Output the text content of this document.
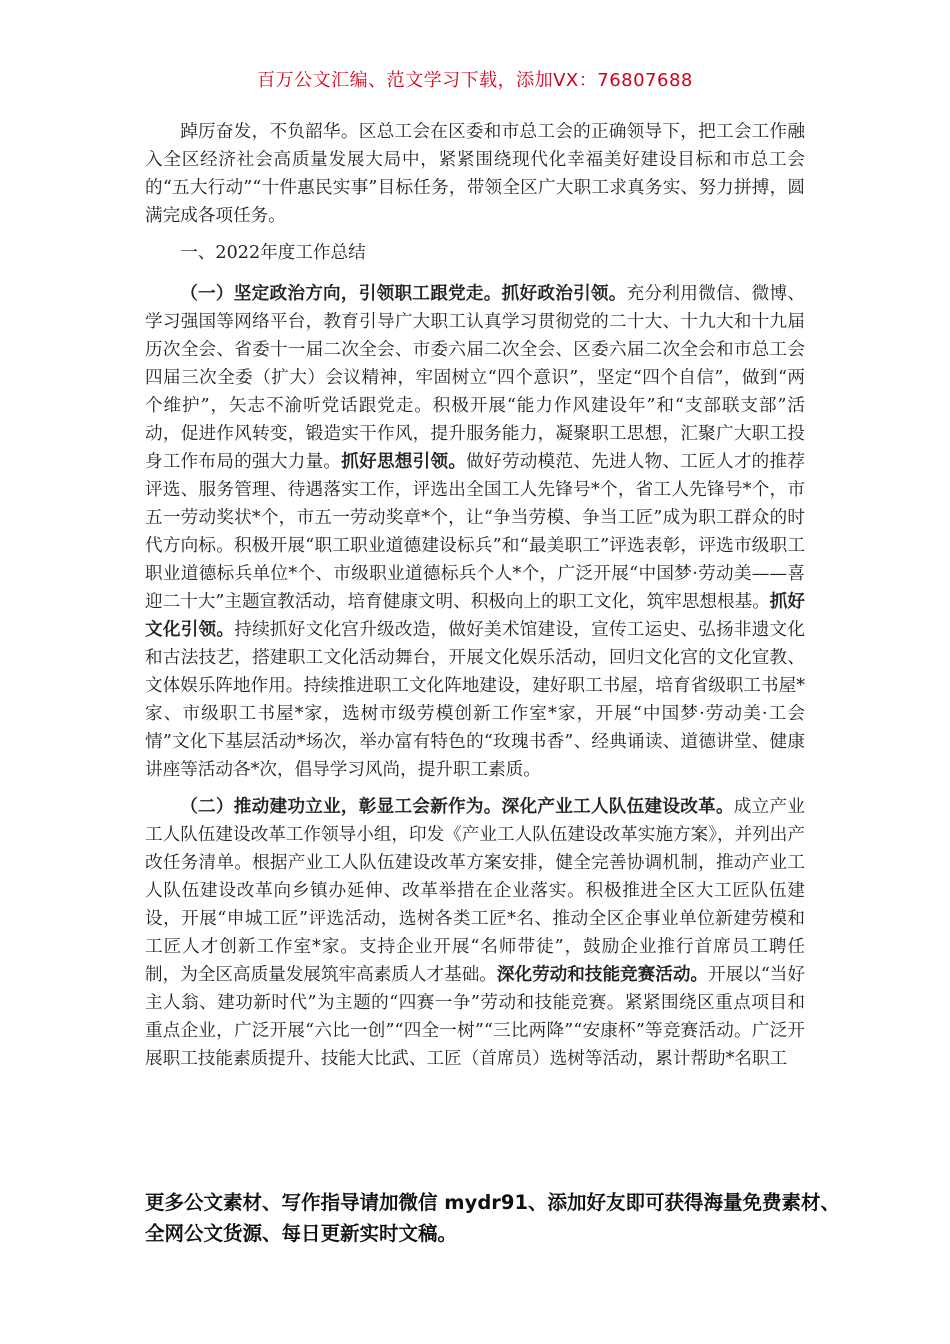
百万公文汇编、范文学习下载，添加VX：76807688

踔厉奋发，不负韶华。区总工会在区委和市总工会的正确领导下，把工会工作融入全区经济社会高质量发展大局中，紧紧围绕现代化幸福美好建设目标和市总工会的“五大行动”“十件惠民实事”目标任务，带领全区广大职工求真务实、努力拼搏，圆满完成各项任务。

一、2022年度工作总结

（一）坚定政治方向，引领职工跟党走。抓好政治引领。充分利用微信、微博、学习强国等网络平台，教育引导广大职工认真学习贯彻党的二十大、十九大和十九届历次全会、省委十一届二次全会、市委六届二次全会、区委六届二次全会和市总工会四届三次全委（扩大）会议精神，牢固树立“四个意识”，坚定“四个自信”，做到“两个维护”，矢志不渝听党话跟党走。积极开展“能力作风建设年”和“支部联支部”活动，促进作风转变，锻造实干作风，提升服务能力，凝聚职工思想，汇聚广大职工投身工作布局的强大力量。抓好思想引领。做好劳动模范、先进人物、工匠人才的推荐评选、服务管理、待遇落实工作，评选出全国工人先锋号*个，省工人先锋号*个，市五一劳动奖状*个，市五一劳动奖章*个，让“争当劳模、争当工匠”成为职工群众的时代方向标。积极开展“职工职业道德建设标兵”和“最美职工”评选表彰，评选市级职工职业道德标兵单位*个、市级职业道德标兵个人*个，广泛开展“中国梦·劳动美——喜迎二十大”主题宣教活动，培育健康文明、积极向上的职工文化，筑牢思想根基。抓好文化引领。持续抓好文化宫升级改造，做好美术馆建设，宣传工运史、弘扬非遗文化和古法技艺，搭建职工文化活动舞台，开展文化娱乐活动，回归文化宫的文化宣教、文体娱乐阵地作用。持续推进职工文化阵地建设，建好职工书屋，培育省级职工书屋*家、市级职工书屋*家，选树市级劳模创新工作室*家，开展“中国梦·劳动美·工会情”文化下基层活动*场次，举办富有特色的“玫瑰书香”、经典诵读、道德讲堂、健康讲座等活动各*次，倡导学习风尚，提升职工素质。

（二）推动建功立业，彰显工会新作为。深化产业工人队伍建设改革。成立产业工人队伍建设改革工作领导小组，印发《产业工人队伍建设改革实施方案》，并列出产改任务清单。根据产业工人队伍建设改革方案安排，健全完善协调机制，推动产业工人队伍建设改革向乡镇办延伸、改革举措在企业落实。积极推进全区大工匠队伍建设，开展“申城工匠”评选活动，选树各类工匠*名、推动全区企事业单位新建劳模和工匠人才创新工作室*家。支持企业开展“名师带徒”，鼓励企业推行首席员工聘任制，为全区高质量发展筑牢高素质人才基础。深化劳动和技能竞赛活动。开展以“当好主人翁、建功新时代”为主题的“四赛一争”劳动和技能竞赛。紧紧围绕区重点项目和重点企业，广泛开展“六比一创”“四全一树”“三比两降”“安康杯”等竞赛活动。广泛开展职工技能素质提升、技能大比武、工匠（首席员）选树等活动，累计帮助*名职工

更多公文素材、写作指导请加微信 mydr91、添加好友即可获得海量免费素材、全网公文货源、每日更新实时文稿。
